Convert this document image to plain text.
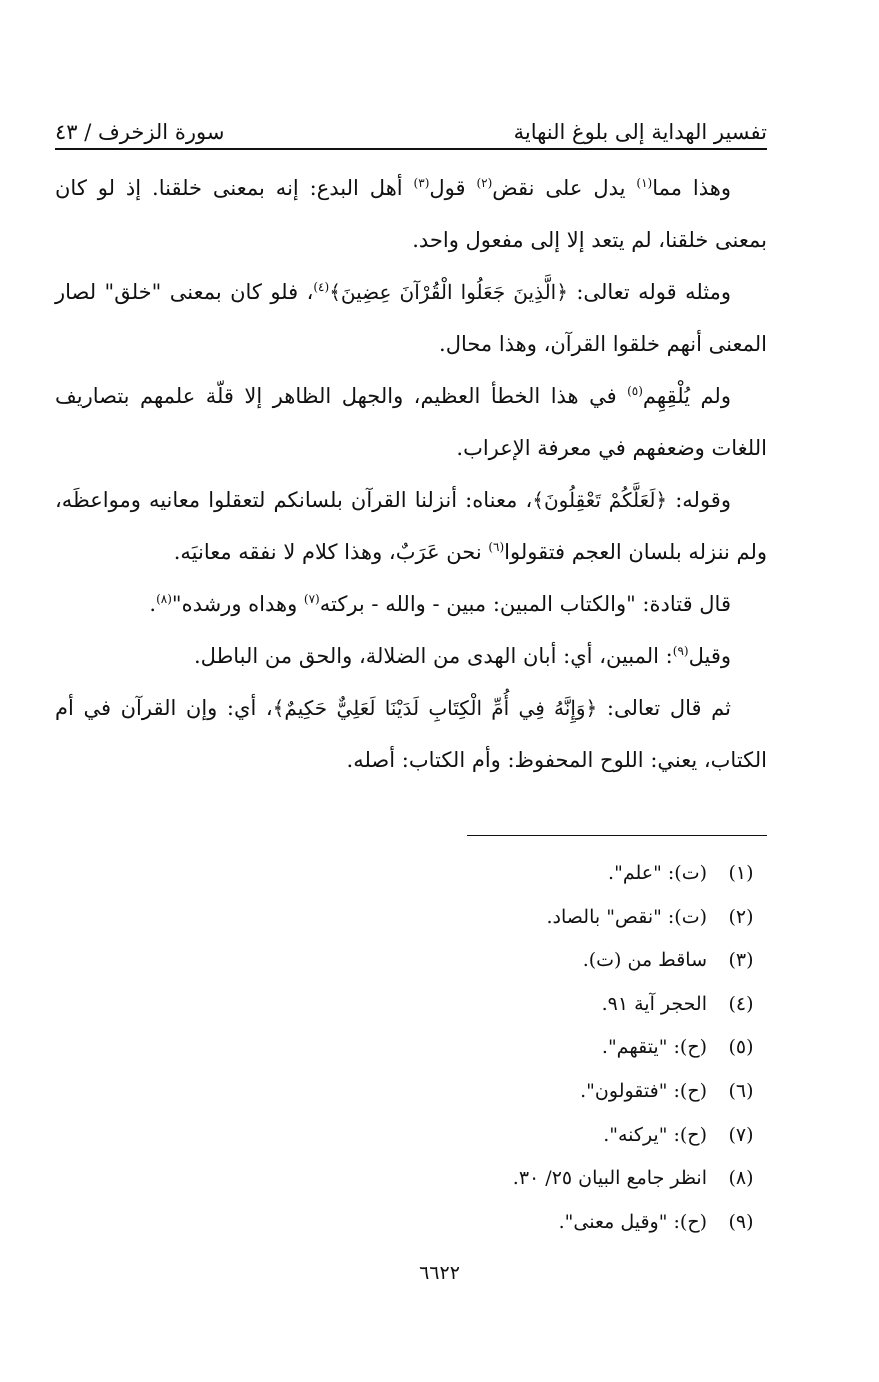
تفسير الهداية إلى بلوغ النهاية
سورة الزخرف / ٤٣

وهذا مما$^{(١)}$ يدل على نقض$^{(٢)}$ قول$^{(٣)}$ أهل البدع: إنه بمعنى خلقنا. إذ لو كان بمعنى خلقنا، لم يتعد إلا إلى مفعول واحد.

ومثله قوله تعالى: ﴿الَّذِينَ جَعَلُوا الْقُرْآنَ عِضِينَ﴾$^{(٤)}$، فلو كان بمعنى "خلق" لصار المعنى أنهم خلقوا القرآن، وهذا محال.

ولم يُلْقِهِم$^{(٥)}$ في هذا الخطأ العظيم، والجهل الظاهر إلا قلّة علمهم بتصاريف اللغات وضعفهم في معرفة الإعراب.

وقوله: ﴿لَعَلَّكُمْ تَعْقِلُونَ﴾، معناه: أنزلنا القرآن بلسانكم لتعقلوا معانيه ومواعظَه، ولم ننزله بلسان العجم فتقولوا$^{(٦)}$ نحن عَرَبٌ، وهذا كلام لا نفقه معانيَه.

قال قتادة: "والكتاب المبين: مبين - والله - بركته$^{(٧)}$ وهداه ورشده"$^{(٨)}$.

وقيل$^{(٩)}$: المبين، أي: أبان الهدى من الضلالة، والحق من الباطل.

ثم قال تعالى: ﴿وَإِنَّهُ فِي أُمِّ الْكِتَابِ لَدَيْنَا لَعَلِيٌّ حَكِيمٌ﴾، أي: وإن القرآن في أم الكتاب، يعني: اللوح المحفوظ: وأم الكتاب: أصله.

(١)
(ت): "علم".
(٢)
(ت): "نقص" بالصاد.
(٣)
ساقط من (ت).
(٤)
الحجر آية ٩١.
(٥)
(ح): "يتقهم".
(٦)
(ح): "فتقولون".
(٧)
(ح): "يركنه".
(٨)
انظر جامع البيان ٢٥/ ٣٠.
(٩)
(ح): "وقيل معنى".
٦٦٢٢
